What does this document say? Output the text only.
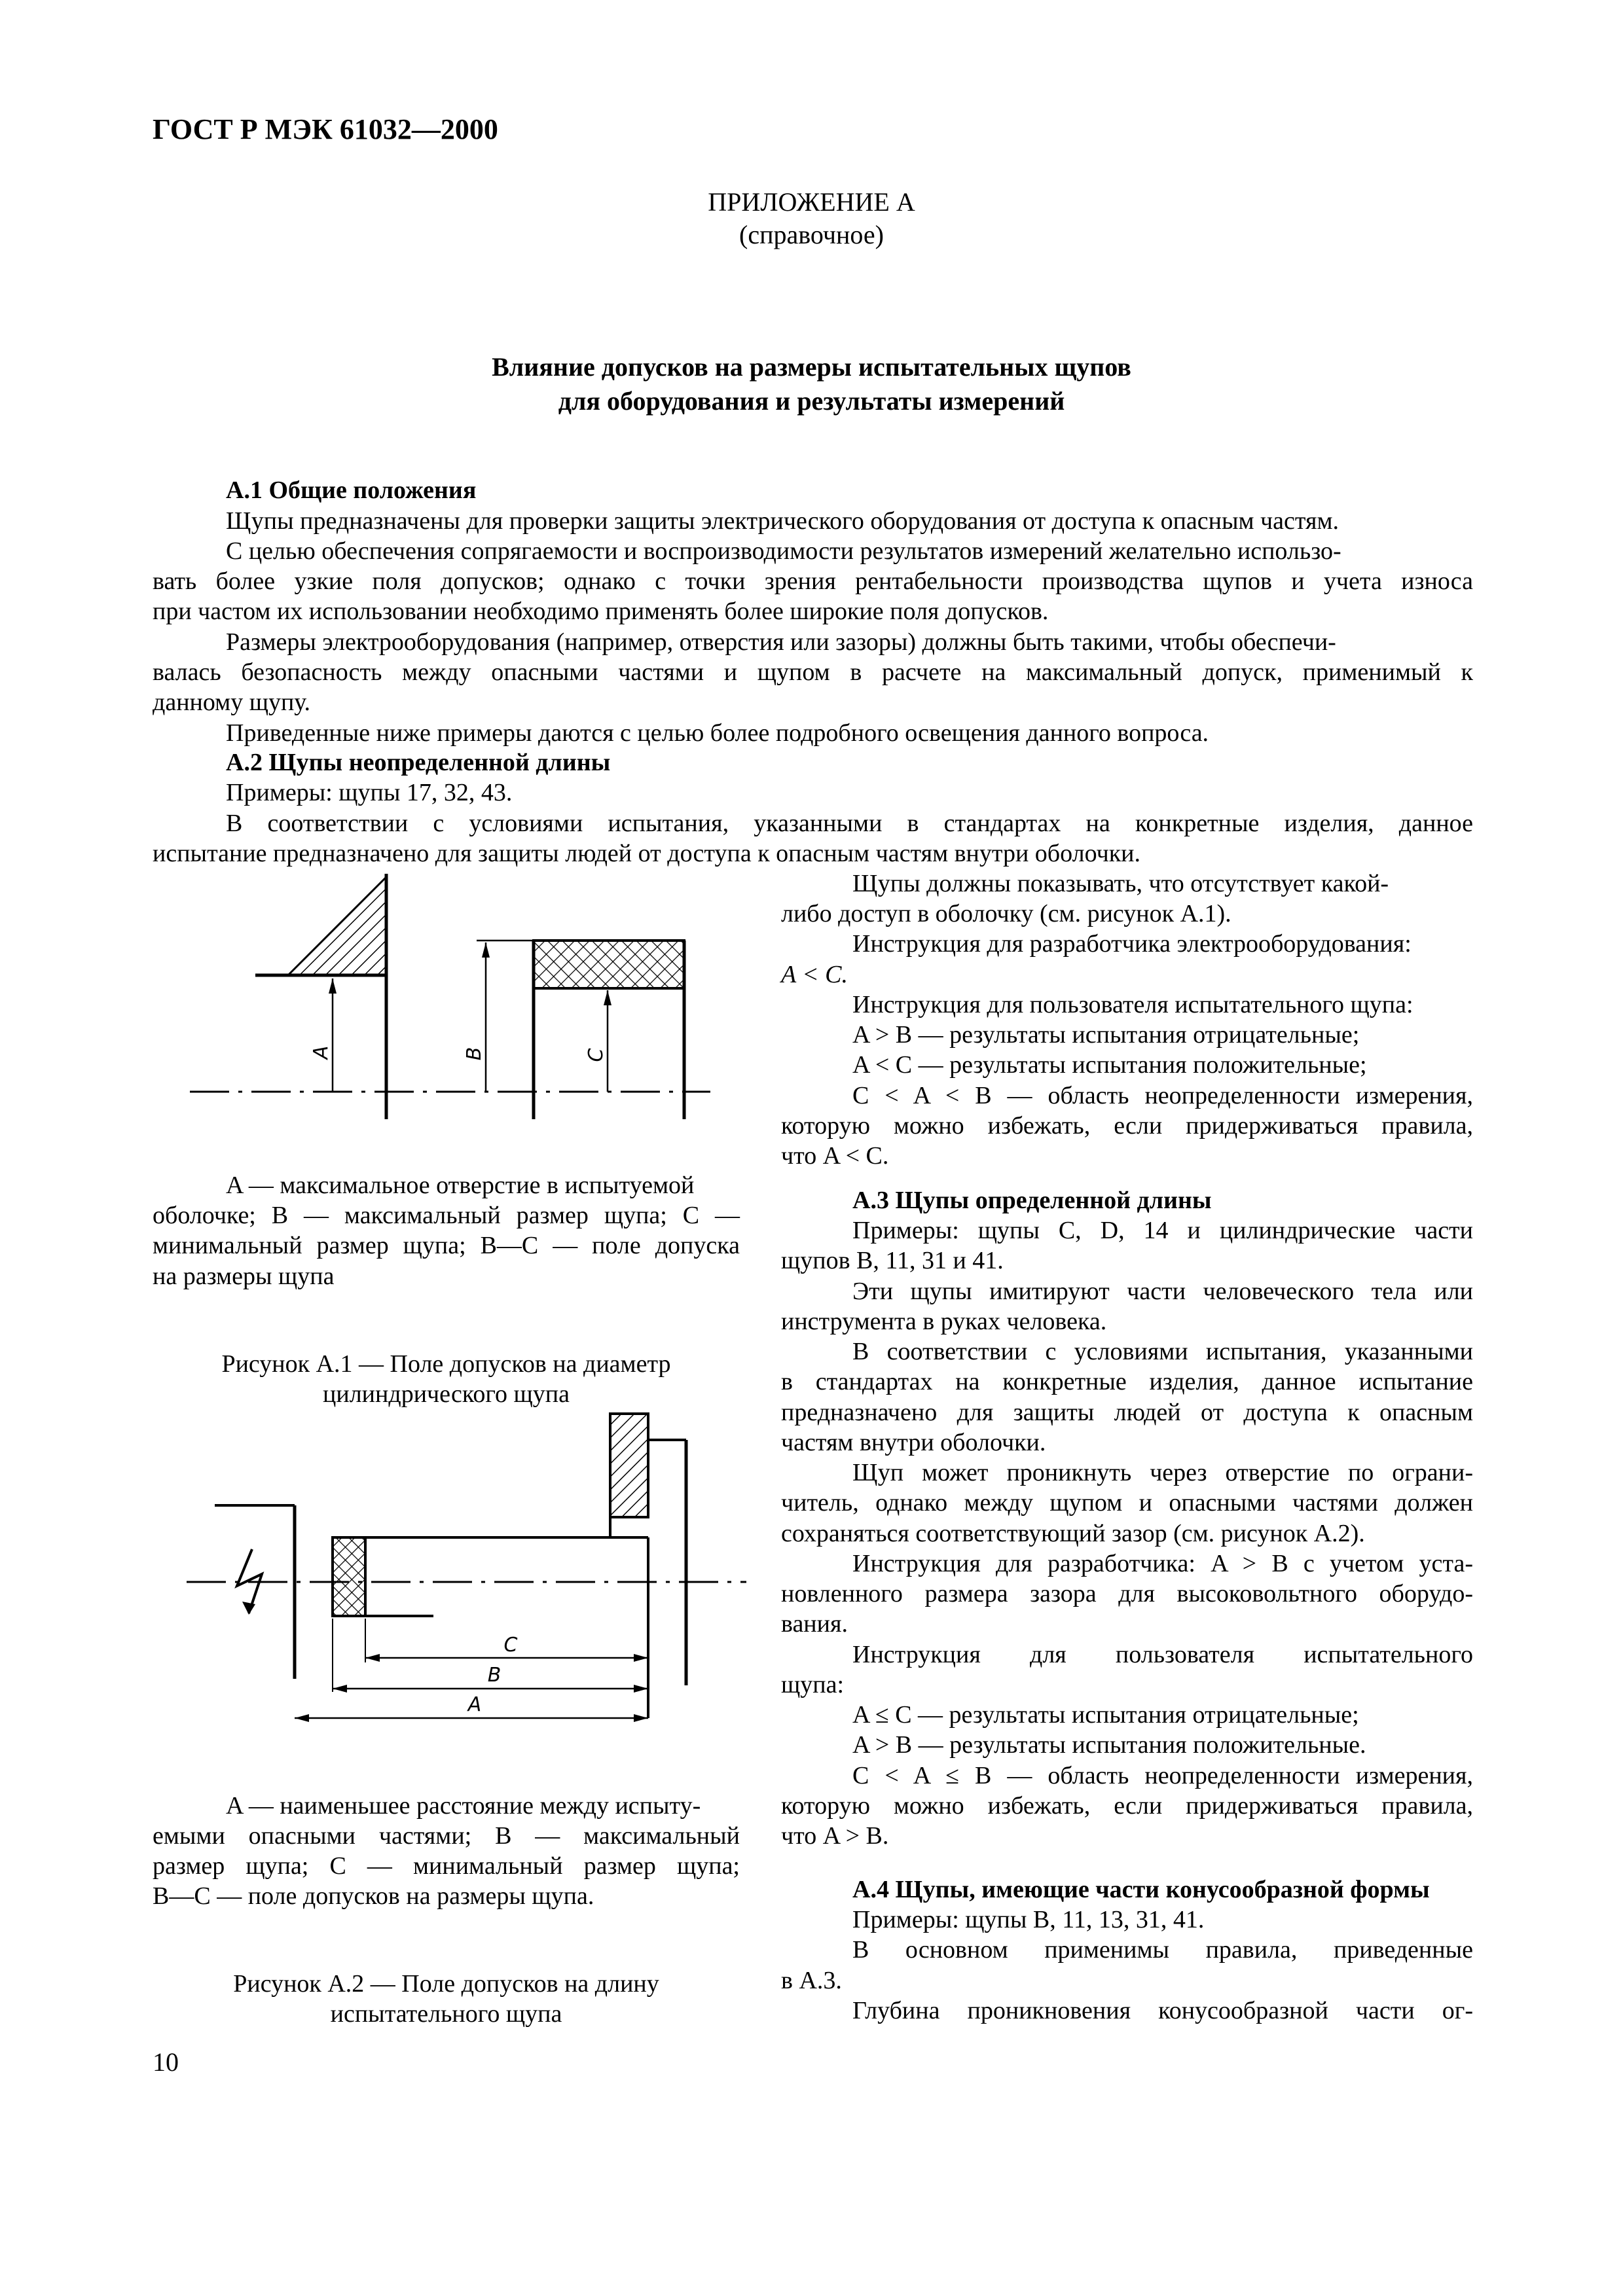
ГОСТ Р МЭК 61032—2000
ПРИЛОЖЕНИЕ А
(справочное)
Влияние допусков на размеры испытательных щупов
для оборудования и результаты измерений
А.1 Общие положения
Щупы предназначены для проверки защиты электрического оборудования от доступа к опасным частям.
С целью обеспечения сопрягаемости и воспроизводимости результатов измерений желательно использо-
вать более узкие поля допусков; однако с точки зрения рентабельности производства щупов и учета износа
при частом их использовании необходимо применять более широкие поля допусков.
Размеры электрооборудования (например, отверстия или зазоры) должны быть такими, чтобы обеспечи-
валась безопасность между опасными частями и щупом в расчете на максимальный допуск, применимый к
данному щупу.
Приведенные ниже примеры даются с целью более подробного освещения данного вопроса.
А.2 Щупы неопределенной длины
Примеры: щупы 17, 32, 43.
В соответствии с условиями испытания, указанными в стандартах на конкретные изделия, данное
испытание предназначено для защиты людей от доступа к опасным частям внутри оболочки.
Щупы должны показывать, что отсутствует какой-
либо доступ в оболочку (см. рисунок А.1).
Инструкция для разработчика электрооборудования:
A < C.
Инструкция для пользователя испытательного щупа:
A > B — результаты испытания отрицательные;
A < C — результаты испытания положительные;
C < A < B — область неопределенности измерения,
которую можно избежать, если придерживаться правила,
что A < C.
A	B	C
A — максимальное отверстие в испытуемой
оболочке; B — максимальный размер щупа; C —
минимальный размер щупа; B—C — поле допуска
на размеры щупа
Рисунок А.1 — Поле допусков на диаметр
цилиндрического щупа
А.3 Щупы определенной длины
Примеры: щупы C, D, 14 и цилиндрические части
щупов B, 11, 31 и 41.
Эти щупы имитируют части человеческого тела или
инструмента в руках человека.
В соответствии с условиями испытания, указанными
в стандартах на конкретные изделия, данное испытание
предназначено для защиты людей от доступа к опасным
частям внутри оболочки.
Щуп может проникнуть через отверстие по ограни-
читель, однако между щупом и опасными частями должен
сохраняться соответствующий зазор (см. рисунок А.2).
Инструкция для разработчика: A > B с учетом уста-
новленного размера зазора для высоковольтного оборудо-
вания.
Инструкция для пользователя испытательного
щупа:
A ≤ C — результаты испытания отрицательные;
A > B — результаты испытания положительные.
C < A ≤ B — область неопределенности измерения,
которую можно избежать, если придерживаться правила,
что A > B.
C
B
A
A — наименьшее расстояние между испыту-
емыми опасными частями; B — максимальный
размер щупа; C — минимальный размер щупа;
B—C — поле допусков на размеры щупа.
Рисунок А.2 — Поле допусков на длину
испытательного щупа
А.4 Щупы, имеющие части конусообразной формы
Примеры: щупы B, 11, 13, 31, 41.
В основном применимы правила, приведенные
в А.3.
Глубина проникновения конусообразной части ог-
10
